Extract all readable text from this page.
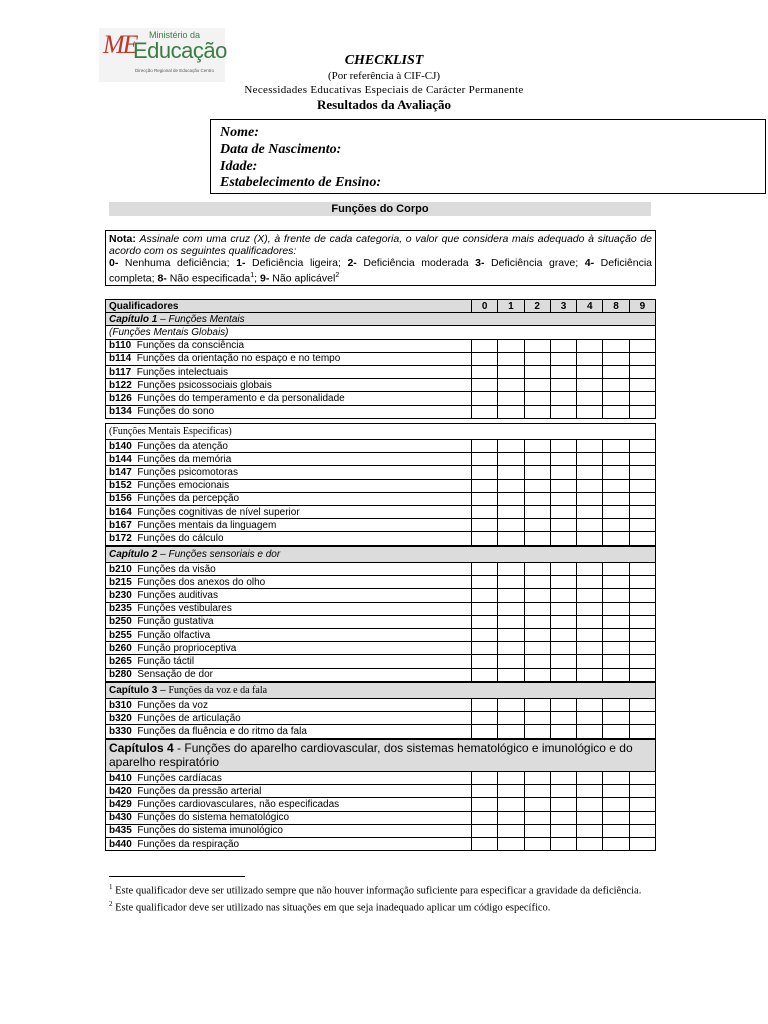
ME Ministério da
Educação
Direcção Regional de Educação Centro
CHECKLIST
(Por referência à CIF-CJ)
Necessidades Educativas Especiais de Carácter Permanente
Resultados da Avaliação
Nome:
Data de Nascimento:
Idade:
Estabelecimento de Ensino:
Funções do Corpo
Nota: Assinale com uma cruz (X), à frente de cada categoria, o valor que considera mais adequado à situação de acordo com os seguintes qualificadores:
0- Nenhuma deficiência; 1- Deficiência ligeira; 2- Deficiência moderada 3- Deficiência grave; 4- Deficiência completa; 8- Não especificada$^1$; 9- Não aplicável$^2$
Qualificadores	0	1	2	3	4	8	9
Capítulo 1 – Funções Mentais							
(Funções Mentais Globais)							
b110  Funções da consciência							
b114  Funções da orientação no espaço e no tempo							
b117  Funções intelectuais							
b122  Funções psicossociais globais							
b126  Funções do temperamento e da personalidade							
b134  Funções do sono							
(Funções Mentais Específicas)							
b140  Funções da atenção							
b144  Funções da memória							
b147  Funções psicomotoras							
b152  Funções emocionais							
b156  Funções da percepção							
b164  Funções cognitivas de nível superior							
b167  Funções mentais da linguagem							
b172  Funções do cálculo							
Capítulo 2 – Funções sensoriais e dor							
b210  Funções da visão							
b215  Funções dos anexos do olho							
b230  Funções auditivas							
b235  Funções vestibulares							
b250  Função gustativa							
b255  Função olfactiva							
b260  Função proprioceptiva							
b265  Função táctil							
b280  Sensação de dor							
Capítulo 3 – Funções da voz e da fala							
b310  Funções da voz							
b320  Funções de articulação							
b330  Funções da fluência e do ritmo da fala							
Capítulos 4 - Funções do aparelho cardiovascular, dos sistemas hematológico e imunológico e do aparelho respiratório							
b410  Funções cardíacas							
b420  Funções da pressão arterial							
b429  Funções cardiovasculares, não especificadas							
b430  Funções do sistema hematológico							
b435  Funções do sistema imunológico							
b440  Funções da respiração							
$^1$ Este qualificador deve ser utilizado sempre que não houver informação suficiente para especificar a gravidade da deficiência.
$^2$ Este qualificador deve ser utilizado nas situações em que seja inadequado aplicar um código específico.
